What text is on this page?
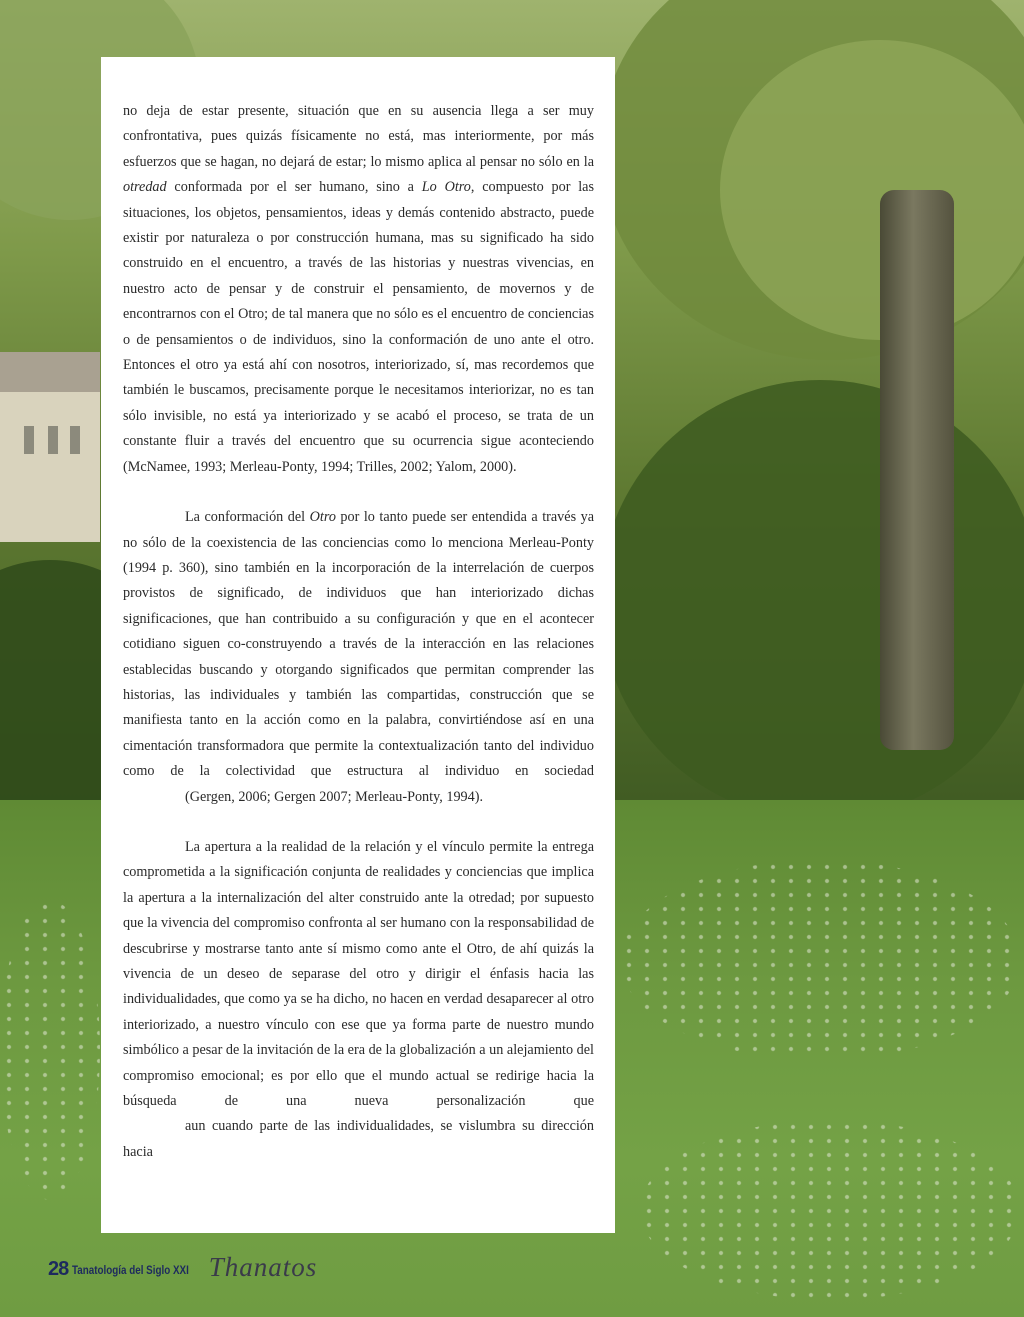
no deja de estar presente, situación que en su ausencia llega a ser muy confrontativa, pues quizás físicamente no está, mas interiormente, por más esfuerzos que se hagan, no dejará de estar; lo mismo aplica al pensar no sólo en la otredad conformada por el ser humano, sino a Lo Otro, compuesto por las situaciones, los objetos, pensamientos, ideas y demás contenido abstracto, puede existir por naturaleza o por construcción humana, mas su significado ha sido construido en el encuentro, a través de las historias y nuestras vivencias, en nuestro acto de pensar y de construir el pensamiento, de movernos y de encontrarnos con el Otro; de tal manera que no sólo es el encuentro de conciencias o de pensamientos o de individuos, sino la conformación de uno ante el otro. Entonces el otro ya está ahí con nosotros, interiorizado, sí, mas recordemos que también le buscamos, precisamente porque le necesitamos interiorizar, no es tan sólo invisible, no está ya interiorizado y se acabó el proceso, se trata de un constante fluir a través del encuentro que su ocurrencia sigue aconteciendo
(McNamee, 1993; Merleau-Ponty, 1994; Trilles, 2002; Yalom, 2000).

La conformación del Otro por lo tanto puede ser entendida a través ya no sólo de la coexistencia de las conciencias como lo menciona Merleau-Ponty (1994 p. 360), sino también en la incorporación de la interrelación de cuerpos provistos de significado, de individuos que han interiorizado dichas significaciones, que han contribuido a su configuración y que en el acontecer cotidiano siguen co-construyendo a través de la interacción en las relaciones establecidas buscando y otorgando significados que permitan comprender las historias, las individuales y también las compartidas, construcción que se manifiesta tanto en la acción como en la palabra, convirtiéndose así en una cimentación transformadora que permite la contextualización tanto del individuo como de la colectividad que estructura al individuo en sociedad
(Gergen, 2006; Gergen 2007; Merleau-Ponty, 1994).

La apertura a la realidad de la relación y el vínculo permite la entrega comprometida a la significación conjunta de realidades y conciencias que implica la apertura a la internalización del alter construido ante la otredad; por supuesto que la vivencia del compromiso confronta al ser humano con la responsabilidad de descubrirse y mostrarse tanto ante sí mismo como ante el Otro, de ahí quizás la vivencia de un deseo de separase del otro y dirigir el énfasis hacia las individualidades, que como ya se ha dicho, no hacen en verdad desaparecer al otro interiorizado, a nuestro vínculo con ese que ya forma parte de nuestro mundo simbólico a pesar de la invitación de la era de la globalización a un alejamiento del compromiso emocional; es por ello que el mundo actual se redirige hacia la búsqueda de una nueva personalización que
aun cuando parte de las individualidades, se vislumbra su dirección hacia

28 Tanatología del Siglo XXI Thanatos
